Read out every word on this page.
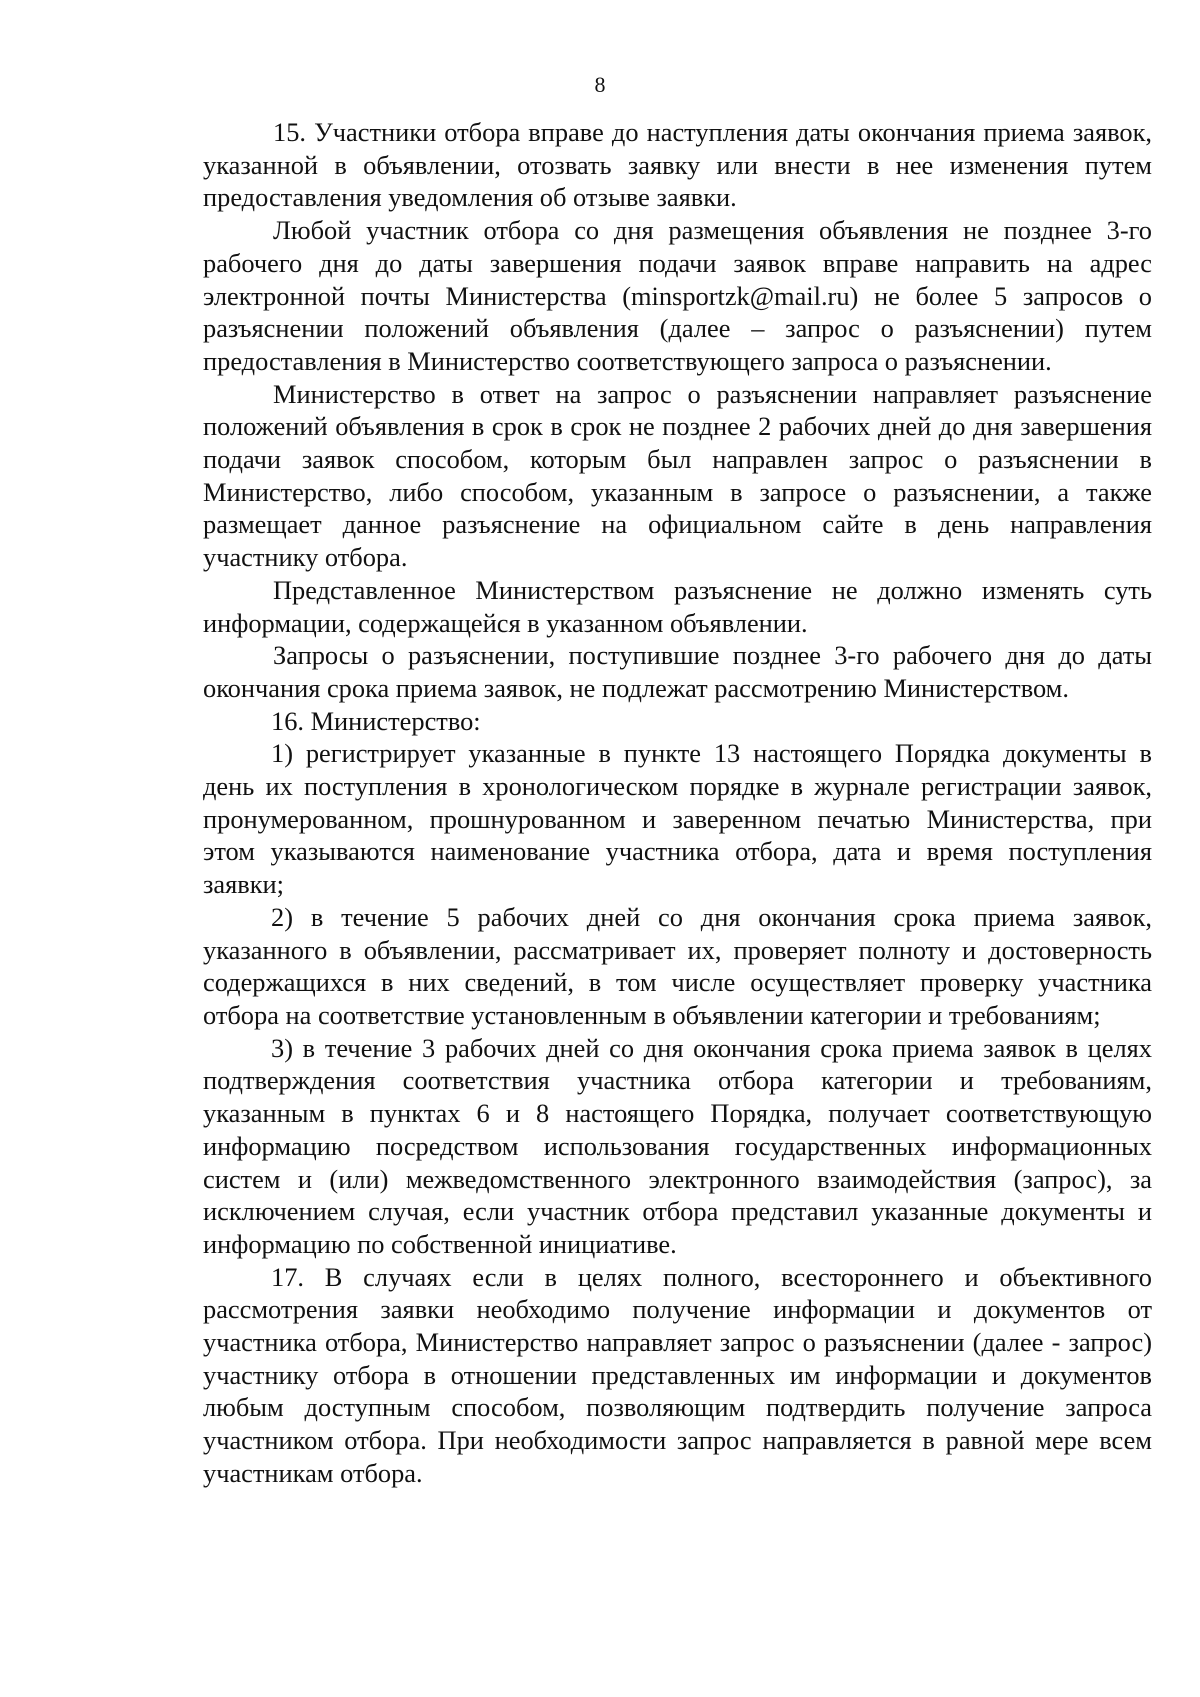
8

15. Участники отбора вправе до наступления даты окончания приема заявок, указанной в объявлении, отозвать заявку или внести в нее изменения путем предоставления уведомления об отзыве заявки.

Любой участник отбора со дня размещения объявления не позднее 3-го рабочего дня до даты завершения подачи заявок вправе направить на адрес электронной почты Министерства (minsportzk@mail.ru) не более 5 запросов о разъяснении положений объявления (далее – запрос о разъяснении) путем предоставления в Министерство соответствующего запроса о разъяснении.

Министерство в ответ на запрос о разъяснении направляет разъяснение положений объявления в срок в срок не позднее 2 рабочих дней до дня завершения подачи заявок способом, которым был направлен запрос о разъяснении в Министерство, либо способом, указанным в запросе о разъяснении, а также размещает данное разъяснение на официальном сайте в день направления участнику отбора.

Представленное Министерством разъяснение не должно изменять суть информации, содержащейся в указанном объявлении.

Запросы о разъяснении, поступившие позднее 3-го рабочего дня до даты окончания срока приема заявок, не подлежат рассмотрению Министерством.

16. Министерство:

1) регистрирует указанные в пункте 13 настоящего Порядка документы в день их поступления в хронологическом порядке в журнале регистрации заявок, пронумерованном, прошнурованном и заверенном печатью Министерства, при этом указываются наименование участника отбора, дата и время поступления заявки;

2) в течение 5 рабочих дней со дня окончания срока приема заявок, указанного в объявлении, рассматривает их, проверяет полноту и достоверность содержащихся в них сведений, в том числе осуществляет проверку участника отбора на соответствие установленным в объявлении категории и требованиям;

3) в течение 3 рабочих дней со дня окончания срока приема заявок в целях подтверждения соответствия участника отбора категории и требованиям, указанным в пунктах 6 и 8 настоящего Порядка, получает соответствующую информацию посредством использования государственных информационных систем и (или) межведомственного электронного взаимодействия (запрос), за исключением случая, если участник отбора представил указанные документы и информацию по собственной инициативе.

17. В случаях если в целях полного, всестороннего и объективного рассмотрения заявки необходимо получение информации и документов от участника отбора, Министерство направляет запрос о разъяснении (далее - запрос) участнику отбора в отношении представленных им информации и документов любым доступным способом, позволяющим подтвердить получение запроса участником отбора. При необходимости запрос направляется в равной мере всем участникам отбора.
